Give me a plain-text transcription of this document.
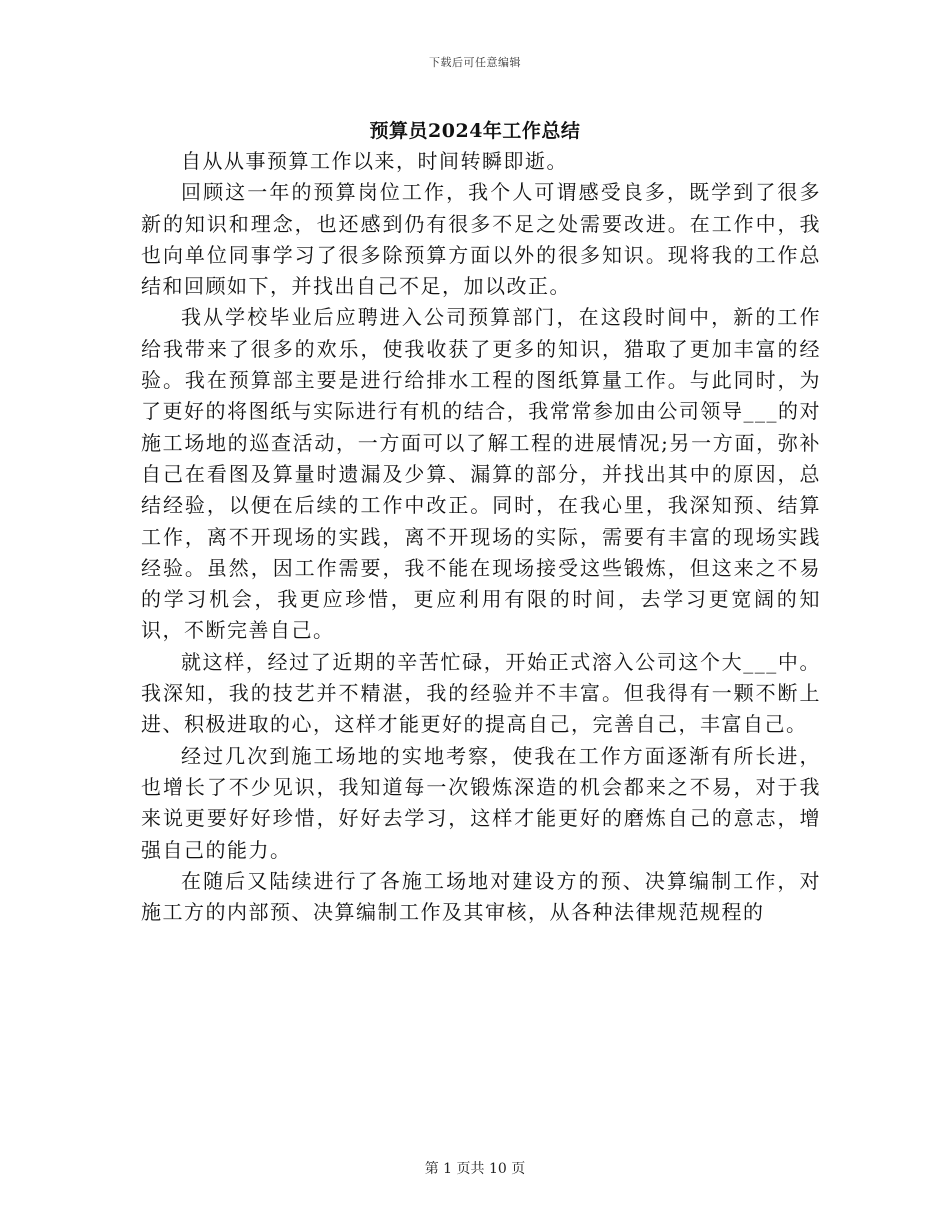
下载后可任意编辑
预算员2024年工作总结

自从从事预算工作以来，时间转瞬即逝。

回顾这一年的预算岗位工作，我个人可谓感受良多，既学到了很多新的知识和理念，也还感到仍有很多不足之处需要改进。在工作中，我也向单位同事学习了很多除预算方面以外的很多知识。现将我的工作总结和回顾如下，并找出自己不足，加以改正。

我从学校毕业后应聘进入公司预算部门，在这段时间中，新的工作给我带来了很多的欢乐，使我收获了更多的知识，猎取了更加丰富的经验。我在预算部主要是进行给排水工程的图纸算量工作。与此同时，为了更好的将图纸与实际进行有机的结合，我常常参加由公司领导___的对施工场地的巡查活动，一方面可以了解工程的进展情况;另一方面，弥补自己在看图及算量时遗漏及少算、漏算的部分，并找出其中的原因，总结经验，以便在后续的工作中改正。同时，在我心里，我深知预、结算工作，离不开现场的实践，离不开现场的实际，需要有丰富的现场实践经验。虽然，因工作需要，我不能在现场接受这些锻炼，但这来之不易的学习机会，我更应珍惜，更应利用有限的时间，去学习更宽阔的知识，不断完善自己。

就这样，经过了近期的辛苦忙碌，开始正式溶入公司这个大___中。我深知，我的技艺并不精湛，我的经验并不丰富。但我得有一颗不断上进、积极进取的心，这样才能更好的提高自己，完善自己，丰富自己。

经过几次到施工场地的实地考察，使我在工作方面逐渐有所长进，也增长了不少见识，我知道每一次锻炼深造的机会都来之不易，对于我来说更要好好珍惜，好好去学习，这样才能更好的磨炼自己的意志，增强自己的能力。

在随后又陆续进行了各施工场地对建设方的预、决算编制工作，对施工方的内部预、决算编制工作及其审核，从各种法律规范规程的

第 1 页共 10 页
